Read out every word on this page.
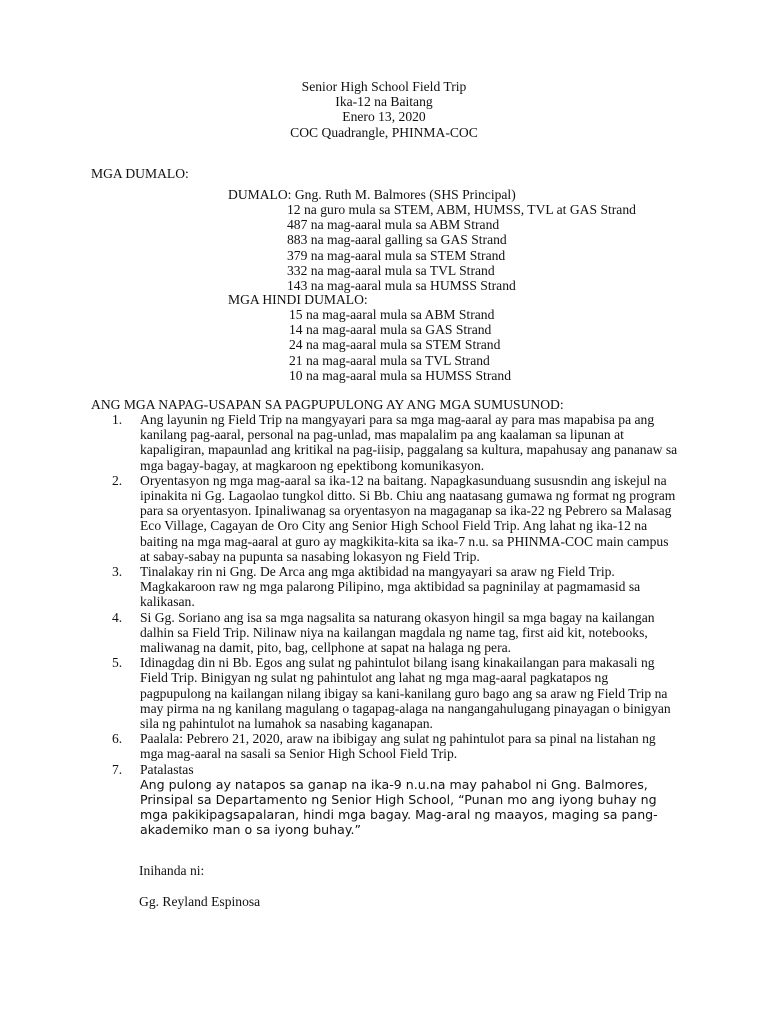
Senior High School Field Trip
Ika-12 na Baitang
Enero 13, 2020
COC Quadrangle, PHINMA-COC
MGA DUMALO:
DUMALO: Gng. Ruth M. Balmores (SHS Principal)
12 na guro mula sa STEM, ABM, HUMSS, TVL at GAS Strand
487 na mag-aaral mula sa ABM Strand
883 na mag-aaral galling sa GAS Strand
379 na mag-aaral mula sa STEM Strand
332 na mag-aaral mula sa TVL Strand
143 na mag-aaral mula sa HUMSS Strand
MGA HINDI DUMALO:
15 na mag-aaral mula sa ABM Strand
14 na mag-aaral mula sa GAS Strand
24 na mag-aaral mula sa STEM Strand
21 na mag-aaral mula sa TVL Strand
10 na mag-aaral mula sa HUMSS Strand
ANG MGA NAPAG-USAPAN SA PAGPUPULONG AY ANG MGA SUMUSUNOD:
1. Ang layunin ng Field Trip na mangyayari para sa mga mag-aaral ay para mas mapabisa pa ang kanilang pag-aaral, personal na pag-unlad, mas mapalalim pa ang kaalaman sa lipunan at kapaligiran, mapaunlad ang kritikal na pag-iisip, paggalang sa kultura, mapahusay ang pananaw sa mga bagay-bagay, at magkaroon ng epektibong komunikasyon.
2. Oryentasyon ng mga mag-aaral sa ika-12 na baitang. Napagkasunduang sususndin ang iskejul na ipinakita ni Gg. Lagaolao tungkol ditto. Si Bb. Chiu ang naatasang gumawa ng format ng program para sa oryentasyon. Ipinaliwanag sa oryentasyon na magaganap sa ika-22 ng Pebrero sa Malasag Eco Village, Cagayan de Oro City ang Senior High School Field Trip. Ang lahat ng ika-12 na baiting na mga mag-aaral at guro ay magkikita-kita sa ika-7 n.u. sa PHINMA-COC main campus at sabay-sabay na pupunta sa nasabing lokasyon ng Field Trip.
3. Tinalakay rin ni Gng. De Arca ang mga aktibidad na mangyayari sa araw ng Field Trip. Magkakaroon raw ng mga palarong Pilipino, mga aktibidad sa pagninilay at pagmamasid sa kalikasan.
4. Si Gg. Soriano ang isa sa mga nagsalita sa naturang okasyon hingil sa mga bagay na kailangan dalhin sa Field Trip. Nilinaw niya na kailangan magdala ng name tag, first aid kit, notebooks, maliwanag na damit, pito, bag, cellphone at sapat na halaga ng pera.
5. Idinagdag din ni Bb. Egos ang sulat ng pahintulot bilang isang kinakailangan para makasali ng Field Trip. Binigyan ng sulat ng pahintulot ang lahat ng mga mag-aaral pagkatapos ng pagpupulong na kailangan nilang ibigay sa kani-kanilang guro bago ang sa araw ng Field Trip na may pirma na ng kanilang magulang o tagapag-alaga na nangangahulugang pinayagan o binigyan sila ng pahintulot na lumahok sa nasabing kaganapan.
6. Paalala: Pebrero 21, 2020, araw na ibibigay ang sulat ng pahintulot para sa pinal na listahan ng mga mag-aaral na sasali sa Senior High School Field Trip.
7. Patalastas
Ang pulong ay natapos sa ganap na ika-9 n.u.na may pahabol ni Gng. Balmores, Prinsipal sa Departamento ng Senior High School, “Punan mo ang iyong buhay ng mga pakikipagsapalaran, hindi mga bagay. Mag-aral ng maayos, maging sa pang-akademiko man o sa iyong buhay.”
Inihanda ni:
Gg. Reyland Espinosa
